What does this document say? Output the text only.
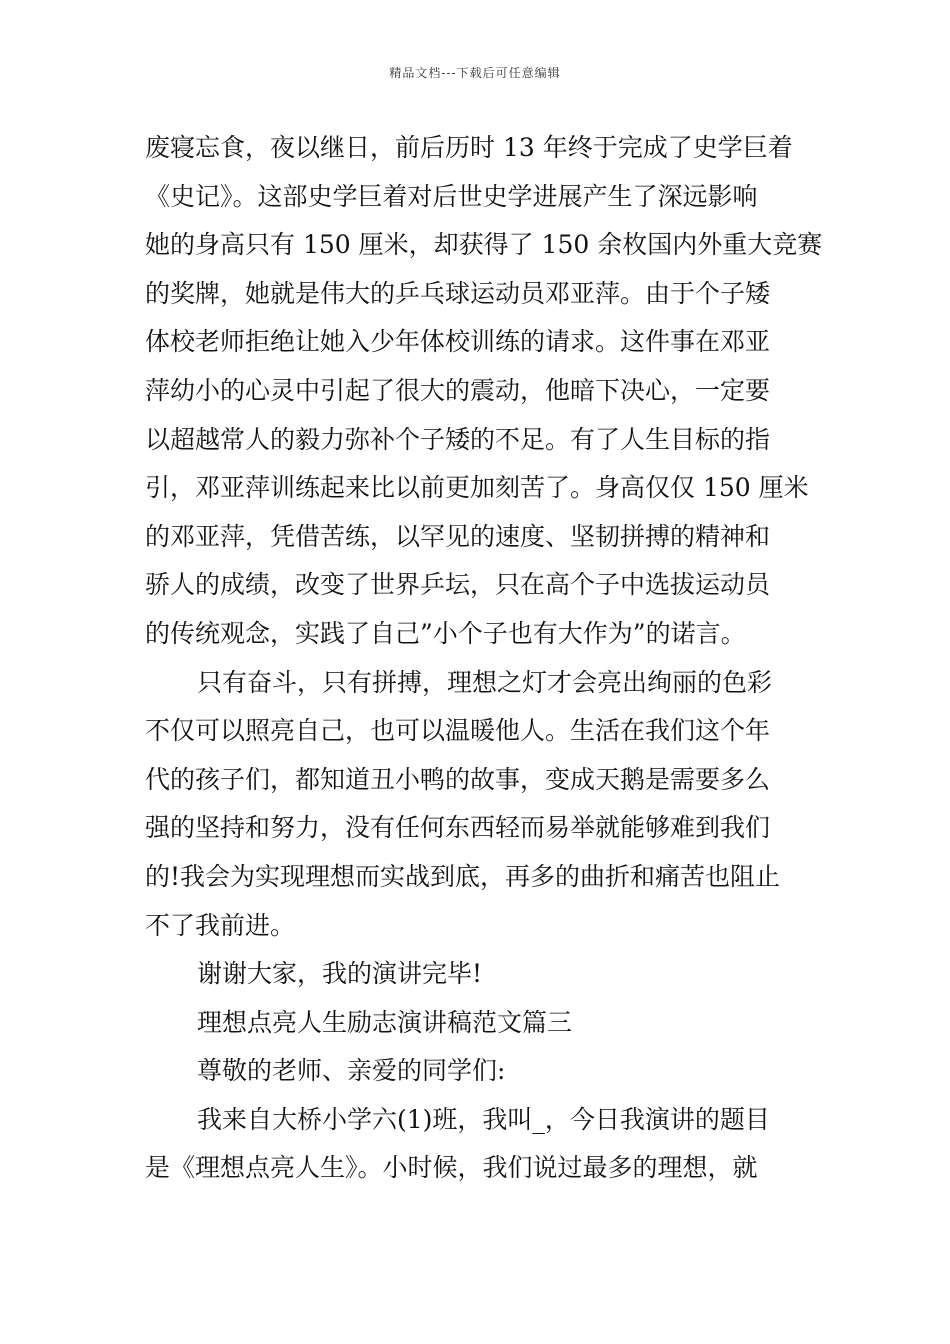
精品文档---下载后可任意编辑
废寝忘食，夜以继日，前后历时 13 年终于完成了史学巨着
《史记》。这部史学巨着对后世史学进展产生了深远影响
她的身高只有 150 厘米，却获得了 150 余枚国内外重大竞赛
的奖牌，她就是伟大的乒乓球运动员邓亚萍。由于个子矮
体校老师拒绝让她入少年体校训练的请求。这件事在邓亚
萍幼小的心灵中引起了很大的震动，他暗下决心，一定要
以超越常人的毅力弥补个子矮的不足。有了人生目标的指
引，邓亚萍训练起来比以前更加刻苦了。身高仅仅 150 厘米
的邓亚萍，凭借苦练，以罕见的速度、坚韧拼搏的精神和
骄人的成绩，改变了世界乒坛，只在高个子中选拔运动员
的传统观念，实践了自己”小个子也有大作为”的诺言。
只有奋斗，只有拼搏，理想之灯才会亮出绚丽的色彩
不仅可以照亮自己，也可以温暖他人。生活在我们这个年
代的孩子们，都知道丑小鸭的故事，变成天鹅是需要多么
强的坚持和努力，没有任何东西轻而易举就能够难到我们
的!我会为实现理想而实战到底，再多的曲折和痛苦也阻止
不了我前进。
谢谢大家，我的演讲完毕!
理想点亮人生励志演讲稿范文篇三
尊敬的老师、亲爱的同学们:
我来自大桥小学六(1)班，我叫_，今日我演讲的题目
是《理想点亮人生》。小时候，我们说过最多的理想，就
